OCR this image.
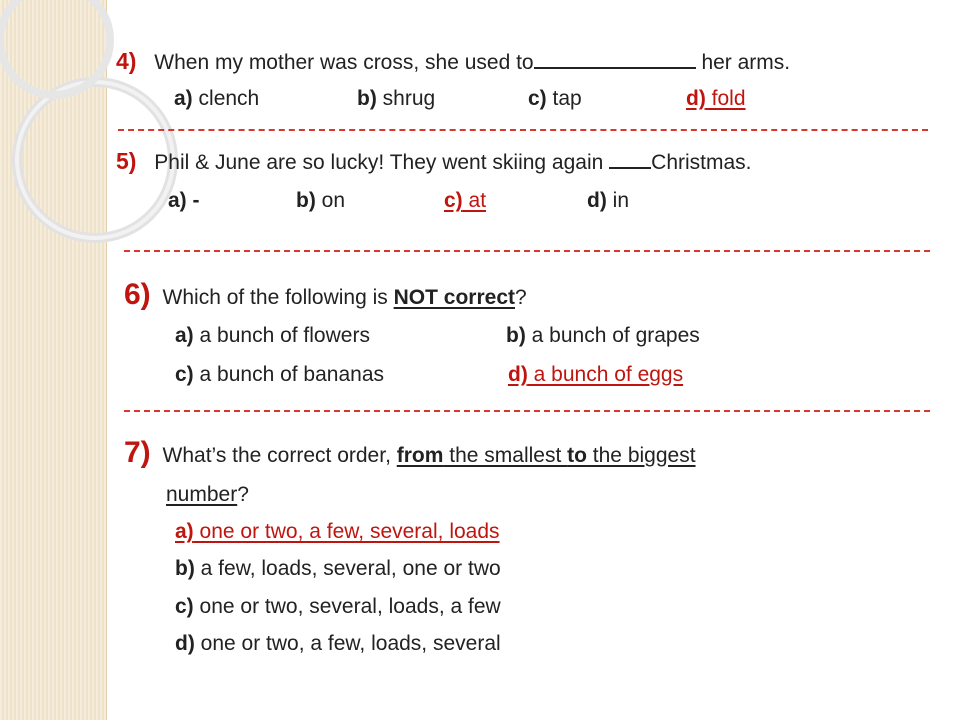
4) When my mother was cross, she used to	her arms.
a) clench	b) shrug	c) tap	d) fold
5) Phil & June are so lucky! They went skiing again Christmas.
a) -	b) on	c) at	d) in
6) Which of the following is NOT correct?
a) a bunch of flowers	b) a bunch of grapes
c) a bunch of bananas	d) a bunch of eggs
7) What’s the correct order, from the smallest to the biggest
number?
a) one or two, a few, several, loads
b) a few, loads, several, one or two
c) one or two, several, loads, a few
d) one or two, a few, loads, several
